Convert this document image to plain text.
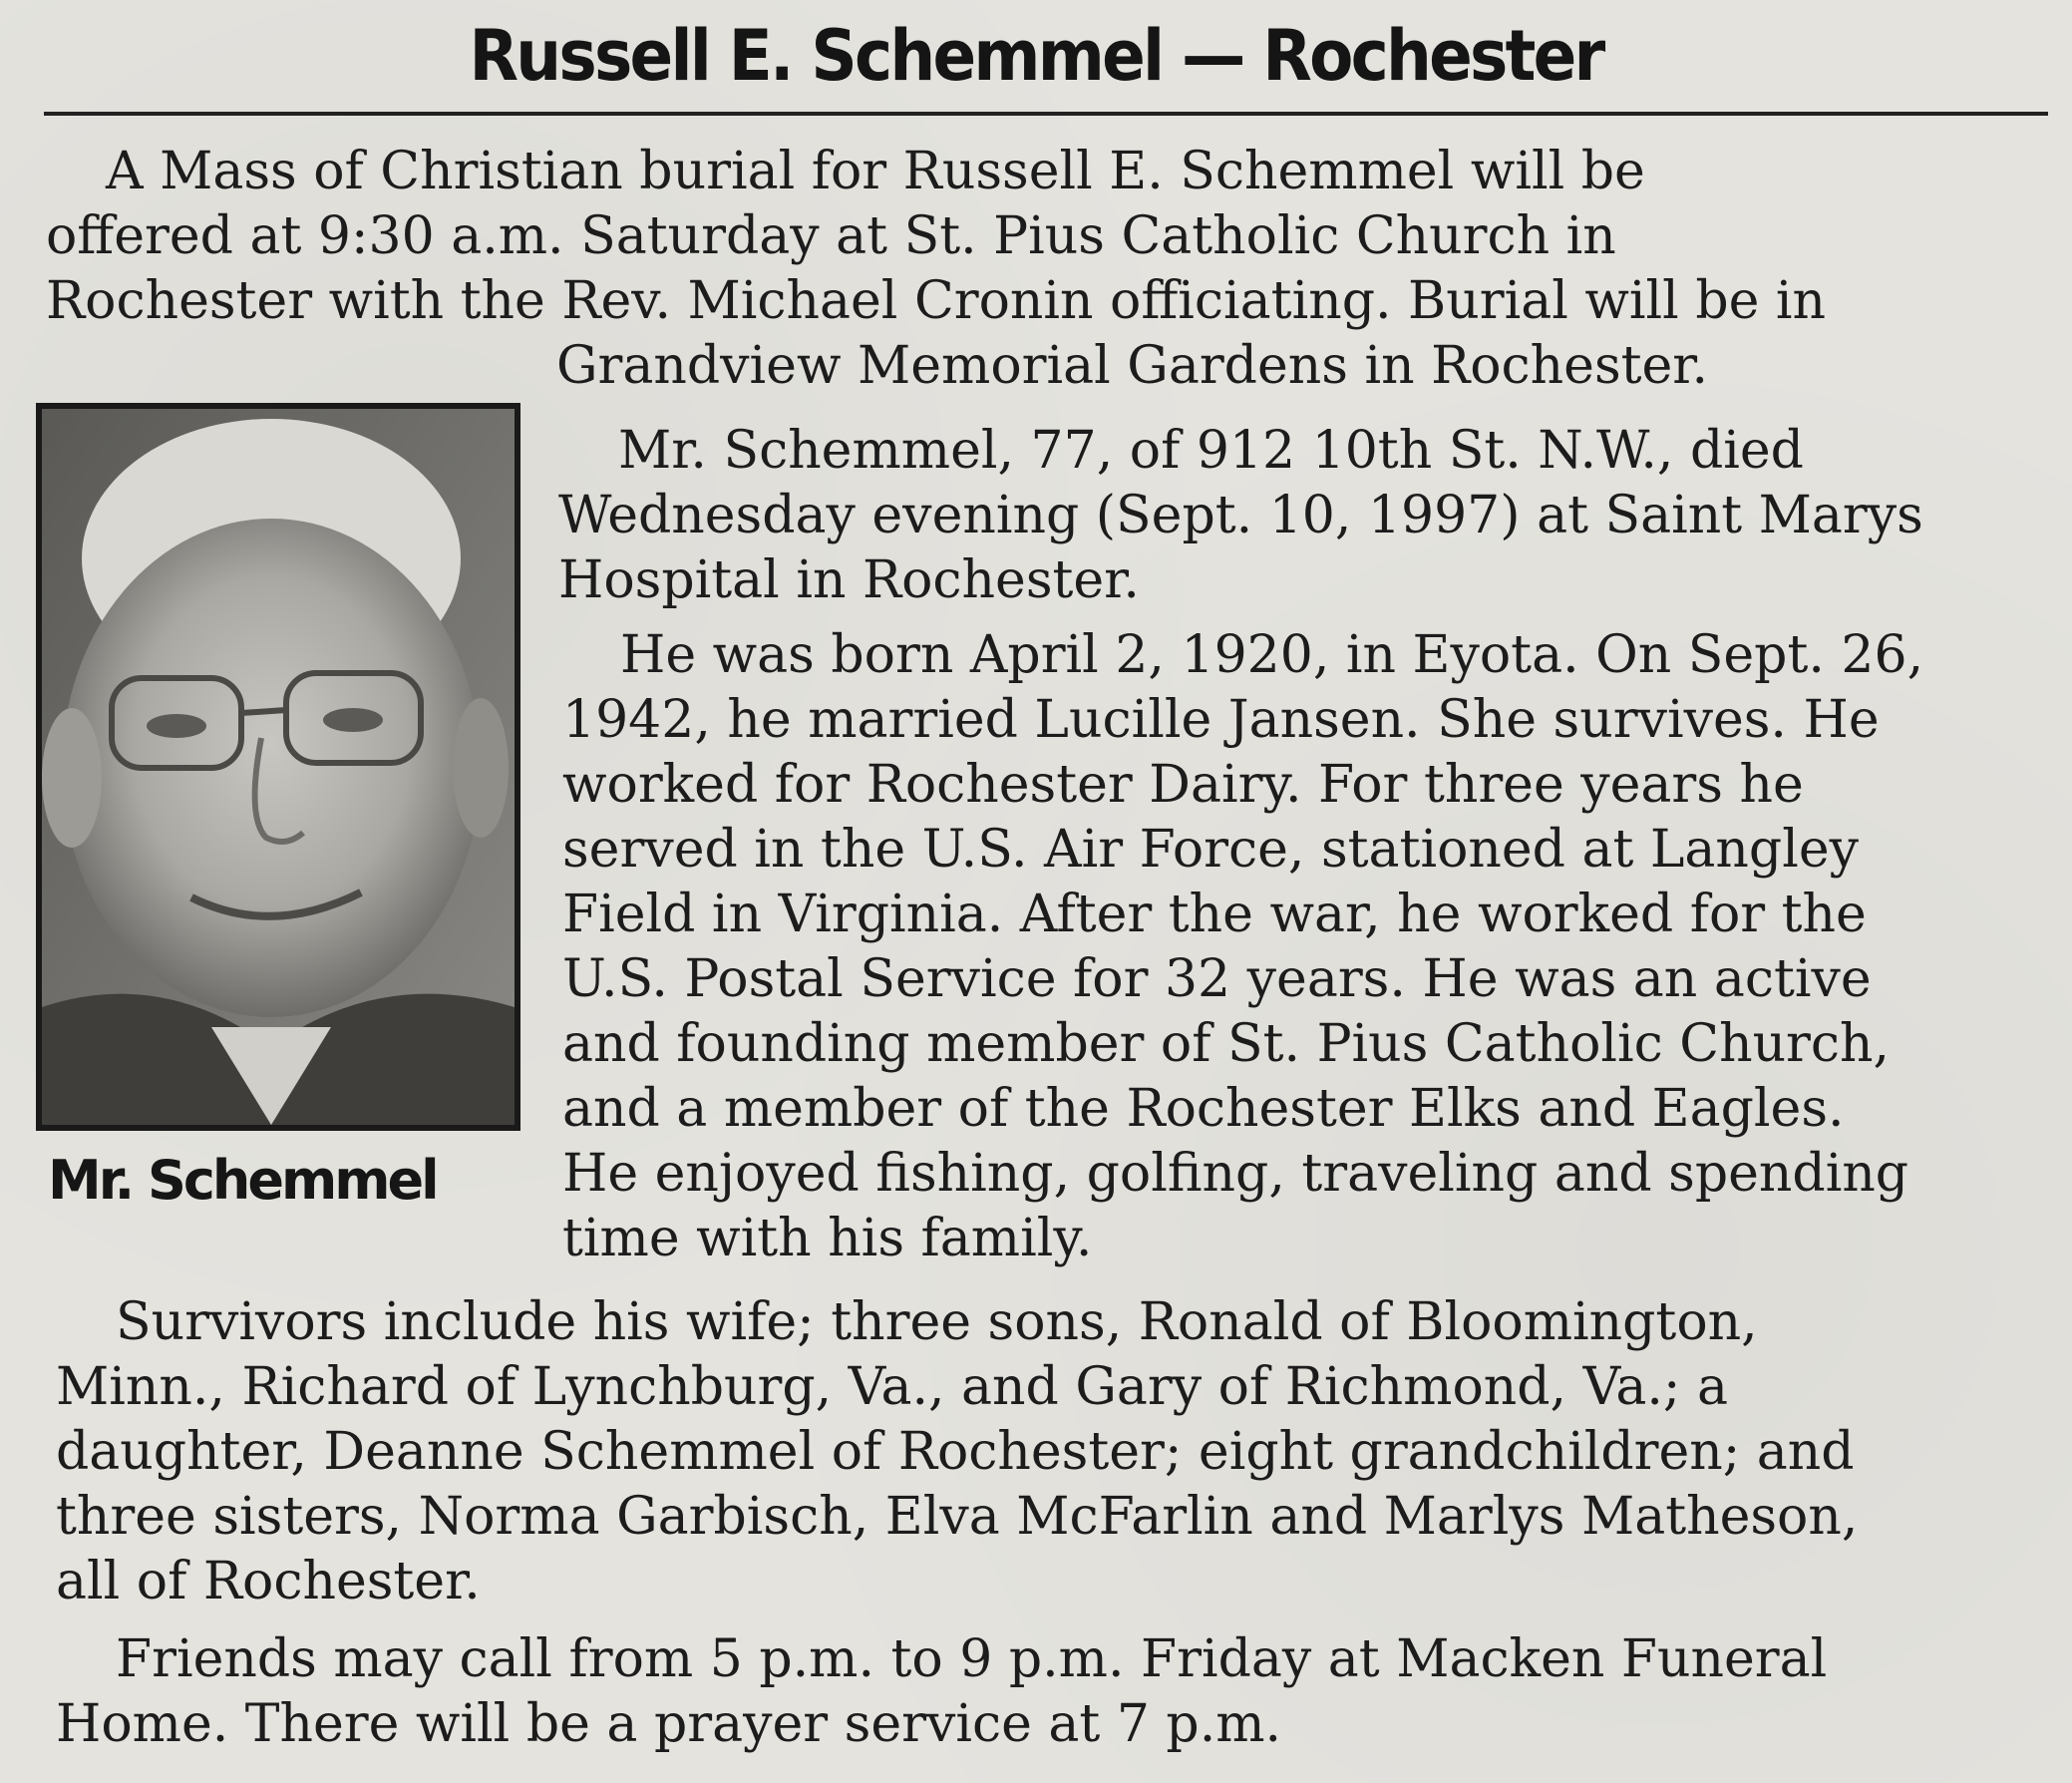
Russell E. Schemmel — Rochester
A Mass of Christian burial for Russell E. Schemmel will be
offered at 9:30 a.m. Saturday at St. Pius Catholic Church in
Rochester with the Rev. Michael Cronin officiating. Burial will be in
Grandview Memorial Gardens in Rochester.
Mr. Schemmel
Mr. Schemmel, 77, of 912 10th St. N.W., died
Wednesday evening (Sept. 10, 1997) at Saint Marys
Hospital in Rochester.
He was born April 2, 1920, in Eyota. On Sept. 26,
1942, he married Lucille Jansen. She survives. He
worked for Rochester Dairy. For three years he
served in the U.S. Air Force, stationed at Langley
Field in Virginia. After the war, he worked for the
U.S. Postal Service for 32 years. He was an active
and founding member of St. Pius Catholic Church,
and a member of the Rochester Elks and Eagles.
He enjoyed fishing, golfing, traveling and spending
time with his family.
Survivors include his wife; three sons, Ronald of Bloomington,
Minn., Richard of Lynchburg, Va., and Gary of Richmond, Va.; a
daughter, Deanne Schemmel of Rochester; eight grandchildren; and
three sisters, Norma Garbisch, Elva McFarlin and Marlys Matheson,
all of Rochester.
Friends may call from 5 p.m. to 9 p.m. Friday at Macken Funeral
Home. There will be a prayer service at 7 p.m.
